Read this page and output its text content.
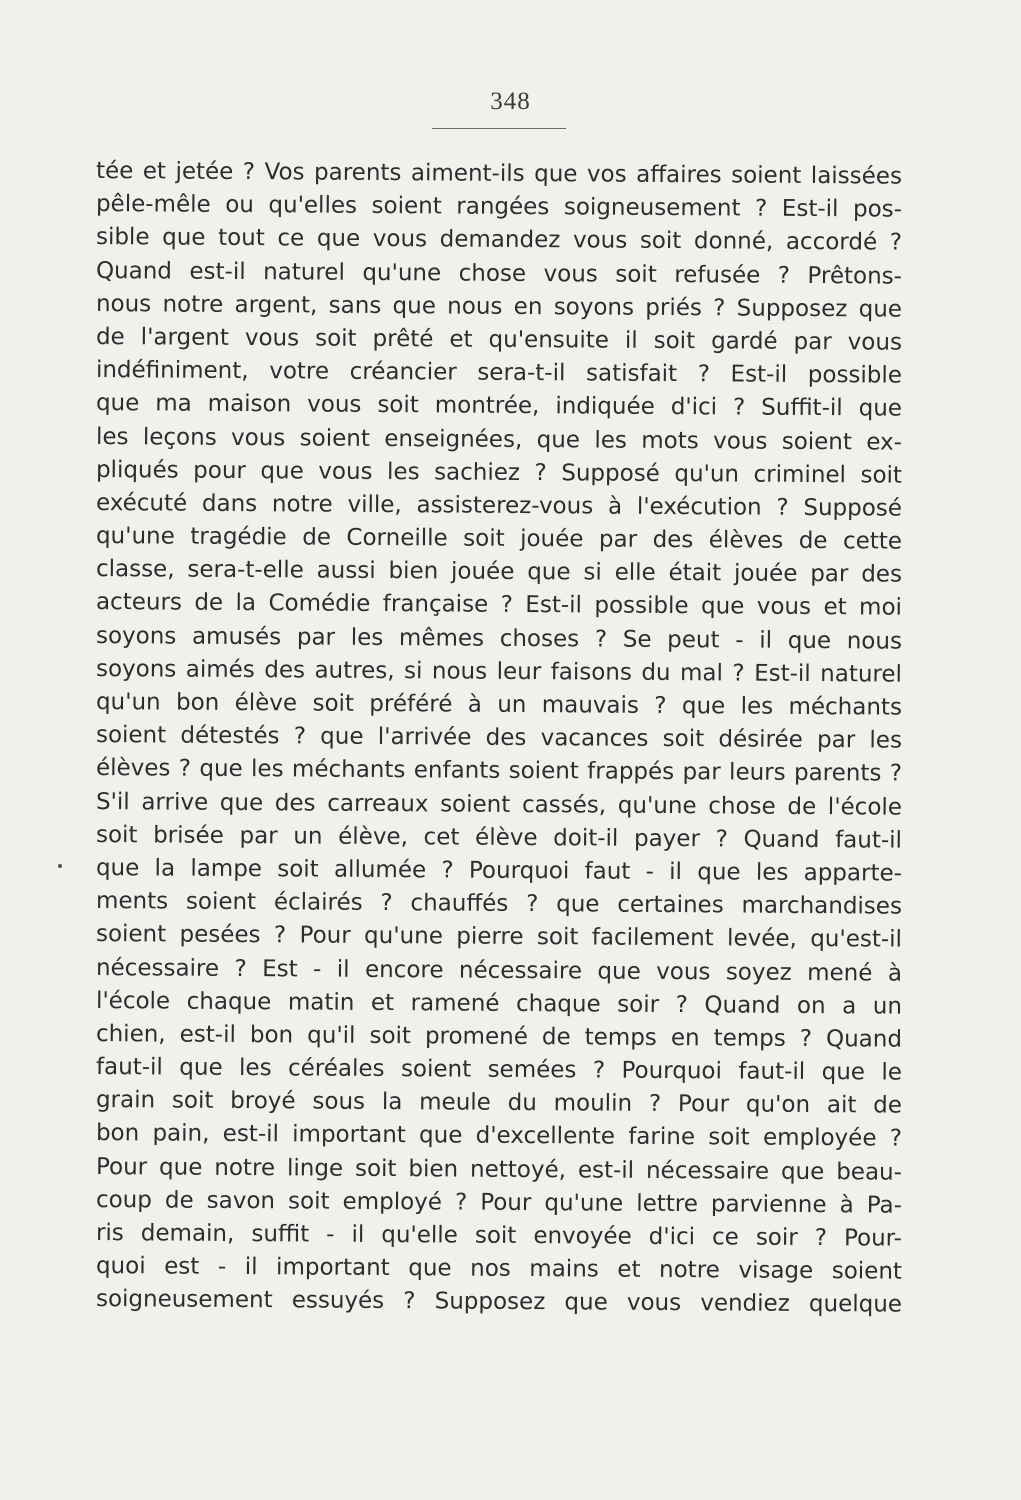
348
tée et jetée ? Vos parents aiment-ils que vos affaires soient laissées
pêle-mêle ou qu'elles soient rangées soigneusement ? Est-il pos-
sible que tout ce que vous demandez vous soit donné, accordé ?
Quand est-il naturel qu'une chose vous soit refusée ? Prêtons-
nous notre argent, sans que nous en soyons priés ? Supposez que
de l'argent vous soit prêté et qu'ensuite il soit gardé par vous
indéfiniment, votre créancier sera-t-il satisfait ? Est-il possible
que ma maison vous soit montrée, indiquée d'ici ? Suffit-il que
les leçons vous soient enseignées, que les mots vous soient ex-
pliqués pour que vous les sachiez ? Supposé qu'un criminel soit
exécuté dans notre ville, assisterez-vous à l'exécution ? Supposé
qu'une tragédie de Corneille soit jouée par des élèves de cette
classe, sera-t-elle aussi bien jouée que si elle était jouée par des
acteurs de la Comédie française ? Est-il possible que vous et moi
soyons amusés par les mêmes choses ? Se peut - il que nous
soyons aimés des autres, si nous leur faisons du mal ? Est-il naturel
qu'un bon élève soit préféré à un mauvais ? que les méchants
soient détestés ? que l'arrivée des vacances soit désirée par les
élèves ? que les méchants enfants soient frappés par leurs parents ?
S'il arrive que des carreaux soient cassés, qu'une chose de l'école
soit brisée par un élève, cet élève doit-il payer ? Quand faut-il
que la lampe soit allumée ? Pourquoi faut - il que les apparte-
ments soient éclairés ? chauffés ? que certaines marchandises
soient pesées ? Pour qu'une pierre soit facilement levée, qu'est-il
nécessaire ? Est - il encore nécessaire que vous soyez mené à
l'école chaque matin et ramené chaque soir ? Quand on a un
chien, est-il bon qu'il soit promené de temps en temps ? Quand
faut-il que les céréales soient semées ? Pourquoi faut-il que le
grain soit broyé sous la meule du moulin ? Pour qu'on ait de
bon pain, est-il important que d'excellente farine soit employée ?
Pour que notre linge soit bien nettoyé, est-il nécessaire que beau-
coup de savon soit employé ? Pour qu'une lettre parvienne à Pa-
ris demain, suffit - il qu'elle soit envoyée d'ici ce soir ? Pour-
quoi est - il important que nos mains et notre visage soient
soigneusement essuyés ? Supposez que vous vendiez quelque
